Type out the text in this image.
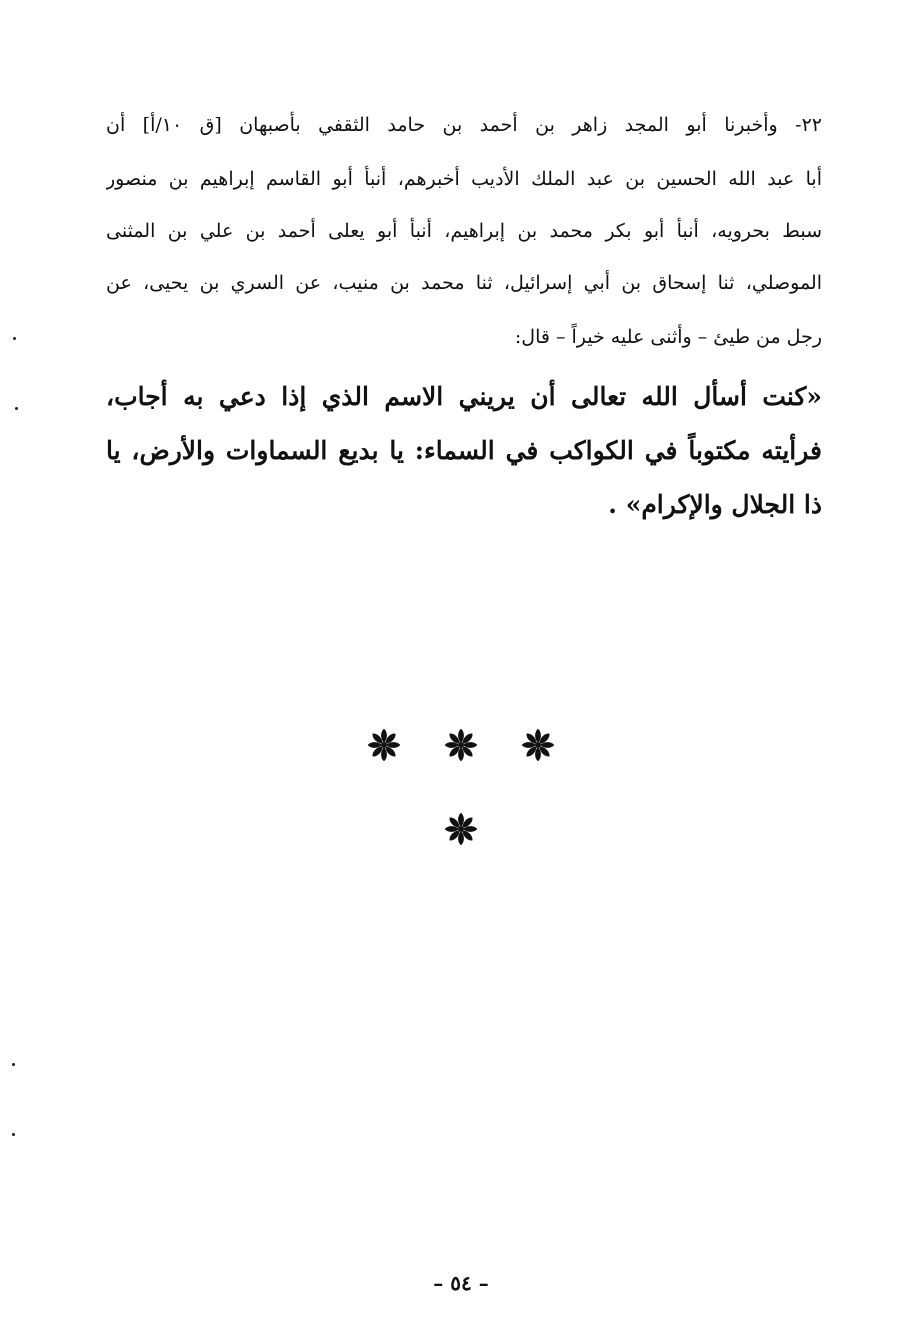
٢٢- وأخبرنا أبو المجد زاهر بن أحمد بن حامد الثقفي بأصبهان [ق ١٠/أ] أن
أبا عبد الله الحسين بن عبد الملك الأديب أخبرهم، أنبأ أبو القاسم إبراهيم بن منصور
سبط بحرويه، أنبأ أبو بكر محمد بن إبراهيم، أنبأ أبو يعلى أحمد بن علي بن المثنى
الموصلي، ثنا إسحاق بن أبي إسرائيل، ثنا محمد بن منيب، عن السري بن يحيى، عن
رجل من طيئ – وأثنى عليه خيراً – قال:
«كنت أسأل الله تعالى أن يريني الاسم الذي إذا دعي به أجاب،
فرأيته مكتوباً في الكواكب في السماء: يا بديع السماوات والأرض، يا
ذا الجلال والإكرام» .

– ٥٤ –
